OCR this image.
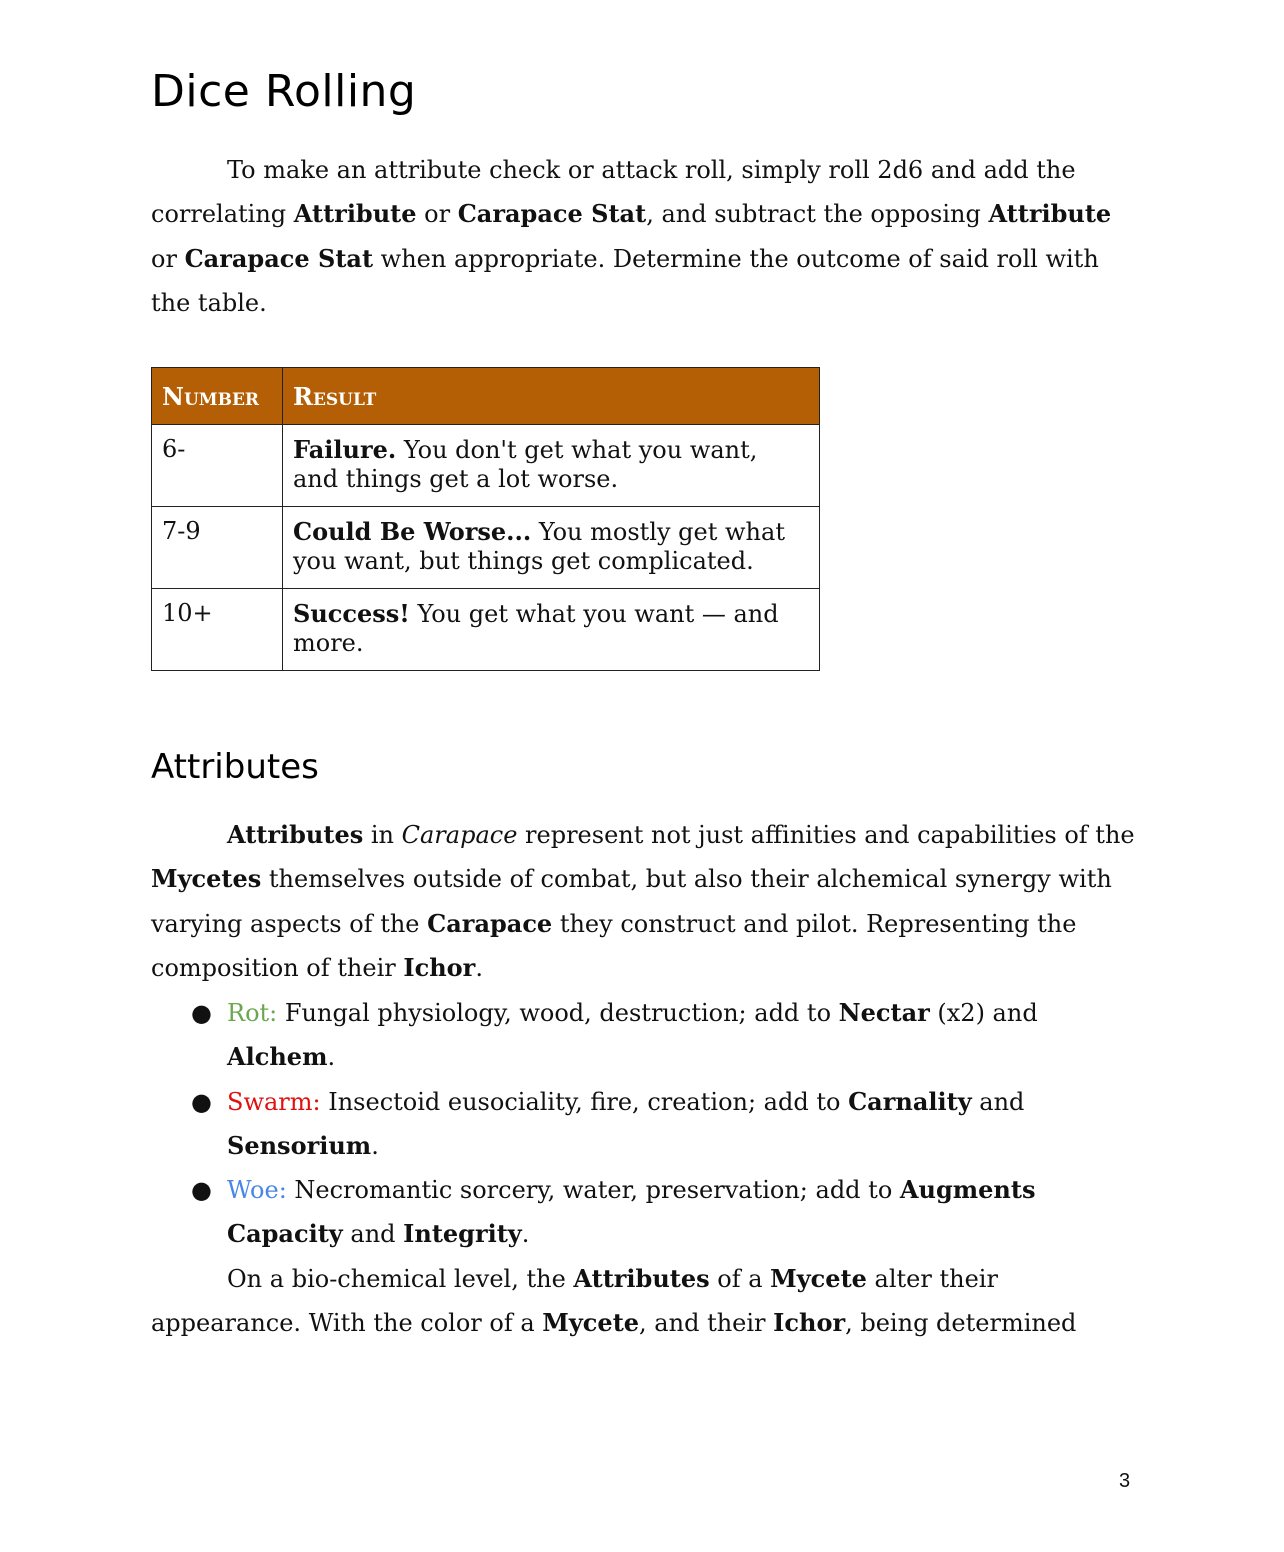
Dice Rolling

To make an attribute check or attack roll, simply roll 2d6 and add the correlating Attribute or Carapace Stat, and subtract the opposing Attribute or Carapace Stat when appropriate. Determine the outcome of said roll with the table.

Number	Result
6-	Failure. You don't get what you want, and things get a lot worse.
7-9	Could Be Worse... You mostly get what you want, but things get complicated.
10+	Success! You get what you want — and more.
Attributes

Attributes in Carapace represent not just affinities and capabilities of the Mycetes themselves outside of combat, but also their alchemical synergy with varying aspects of the Carapace they construct and pilot. Representing the composition of their Ichor.

● Rot: Fungal physiology, wood, destruction; add to Nectar (x2) and Alchem.
● Swarm: Insectoid eusociality, fire, creation; add to Carnality and Sensorium.
● Woe: Necromantic sorcery, water, preservation; add to Augments Capacity and Integrity.

On a bio-chemical level, the Attributes of a Mycete alter their appearance. With the color of a Mycete, and their Ichor, being determined

3
